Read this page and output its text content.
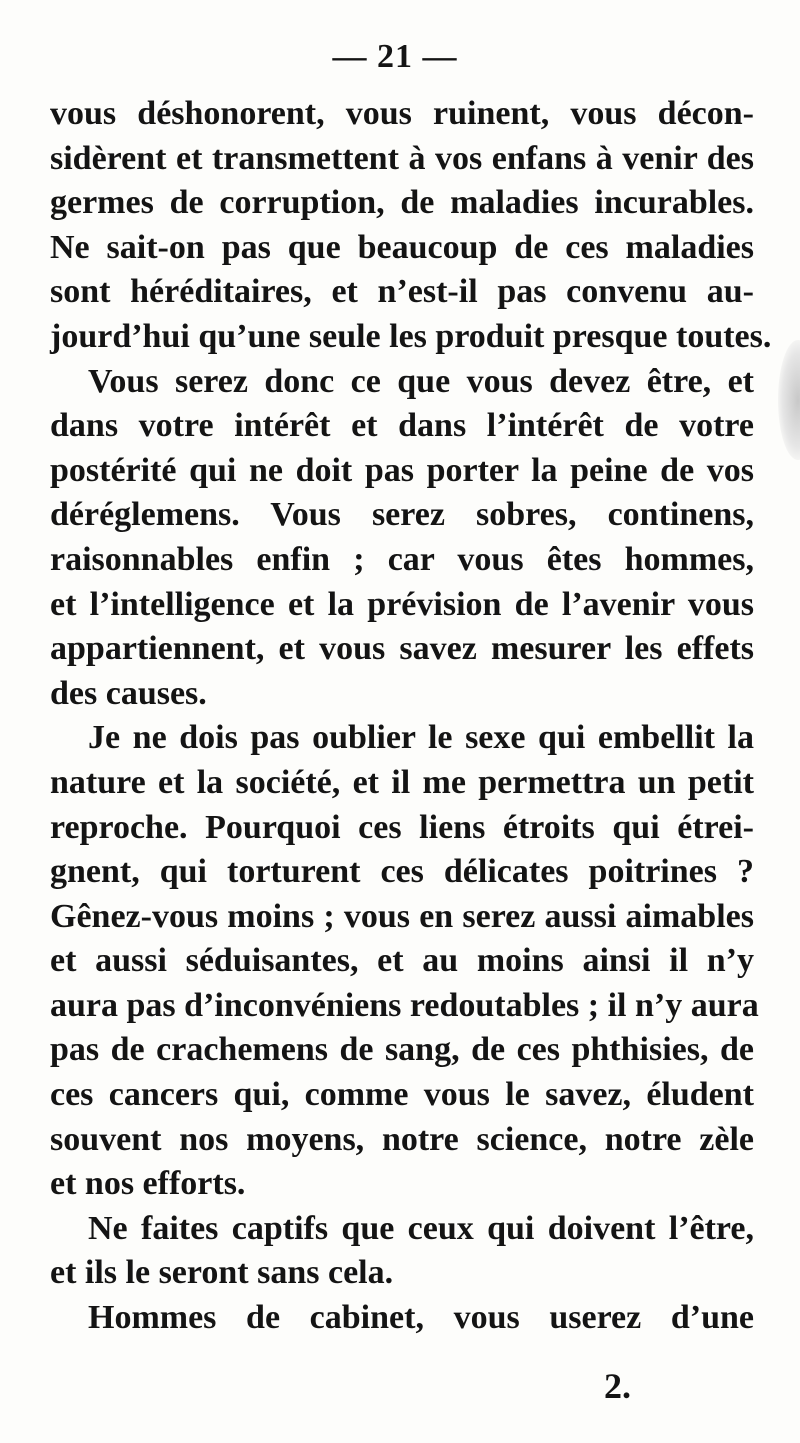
— 21 —
vous déshonorent, vous ruinent, vous décon-
sidèrent et transmettent à vos enfans à venir des
germes de corruption, de maladies incurables.
Ne sait-on pas que beaucoup de ces maladies
sont héréditaires, et n’est-il pas convenu au-
jourd’hui qu’une seule les produit presque toutes.
Vous serez donc ce que vous devez être, et
dans votre intérêt et dans l’intérêt de votre
postérité qui ne doit pas porter la peine de vos
déréglemens. Vous serez sobres, continens,
raisonnables enfin ; car vous êtes hommes,
et l’intelligence et la prévision de l’avenir vous
appartiennent, et vous savez mesurer les effets
des causes.
Je ne dois pas oublier le sexe qui embellit la
nature et la société, et il me permettra un petit
reproche. Pourquoi ces liens étroits qui étrei-
gnent, qui torturent ces délicates poitrines ?
Gênez-vous moins ; vous en serez aussi aimables
et aussi séduisantes, et au moins ainsi il n’y
aura pas d’inconvéniens redoutables ; il n’y aura
pas de crachemens de sang, de ces phthisies, de
ces cancers qui, comme vous le savez, éludent
souvent nos moyens, notre science, notre zèle
et nos efforts.
Ne faites captifs que ceux qui doivent l’être,
et ils le seront sans cela.
Hommes de cabinet, vous userez d’une
2.
